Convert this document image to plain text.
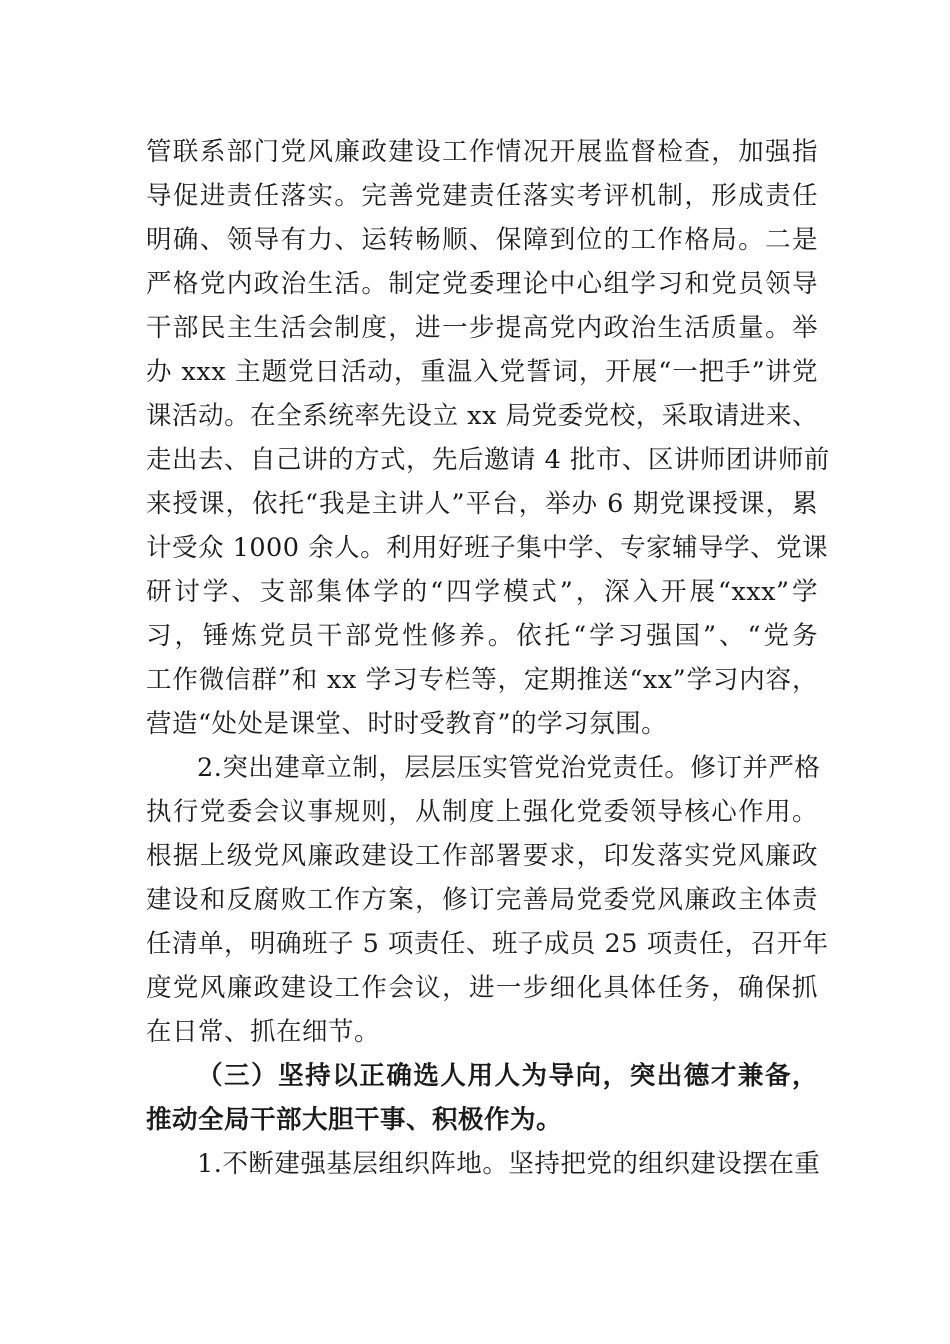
管联系部门党风廉政建设工作情况开展监督检查，加强指
导促进责任落实。完善党建责任落实考评机制，形成责任
明确、领导有力、运转畅顺、保障到位的工作格局。二是
严格党内政治生活。制定党委理论中心组学习和党员领导
干部民主生活会制度，进一步提高党内政治生活质量。举
办 xxx 主题党日活动，重温入党誓词，开展“一把手”讲党
课活动。在全系统率先设立 xx 局党委党校，采取请进来、
走出去、自己讲的方式，先后邀请 4 批市、区讲师团讲师前
来授课，依托“我是主讲人”平台，举办 6 期党课授课，累
计受众 1000 余人。利用好班子集中学、专家辅导学、党课
研讨学、支部集体学的“四学模式”，深入开展“xxx”学
习，锤炼党员干部党性修养。依托“学习强国”、“党务
工作微信群”和 xx 学习专栏等，定期推送“xx”学习内容，
营造“处处是课堂、时时受教育”的学习氛围。
2.突出建章立制，层层压实管党治党责任。修订并严格
执行党委会议事规则，从制度上强化党委领导核心作用。
根据上级党风廉政建设工作部署要求，印发落实党风廉政
建设和反腐败工作方案，修订完善局党委党风廉政主体责
任清单，明确班子 5 项责任、班子成员 25 项责任，召开年
度党风廉政建设工作会议，进一步细化具体任务，确保抓
在日常、抓在细节。
（三）坚持以正确选人用人为导向，突出德才兼备，
推动全局干部大胆干事、积极作为。
1.不断建强基层组织阵地。坚持把党的组织建设摆在重
